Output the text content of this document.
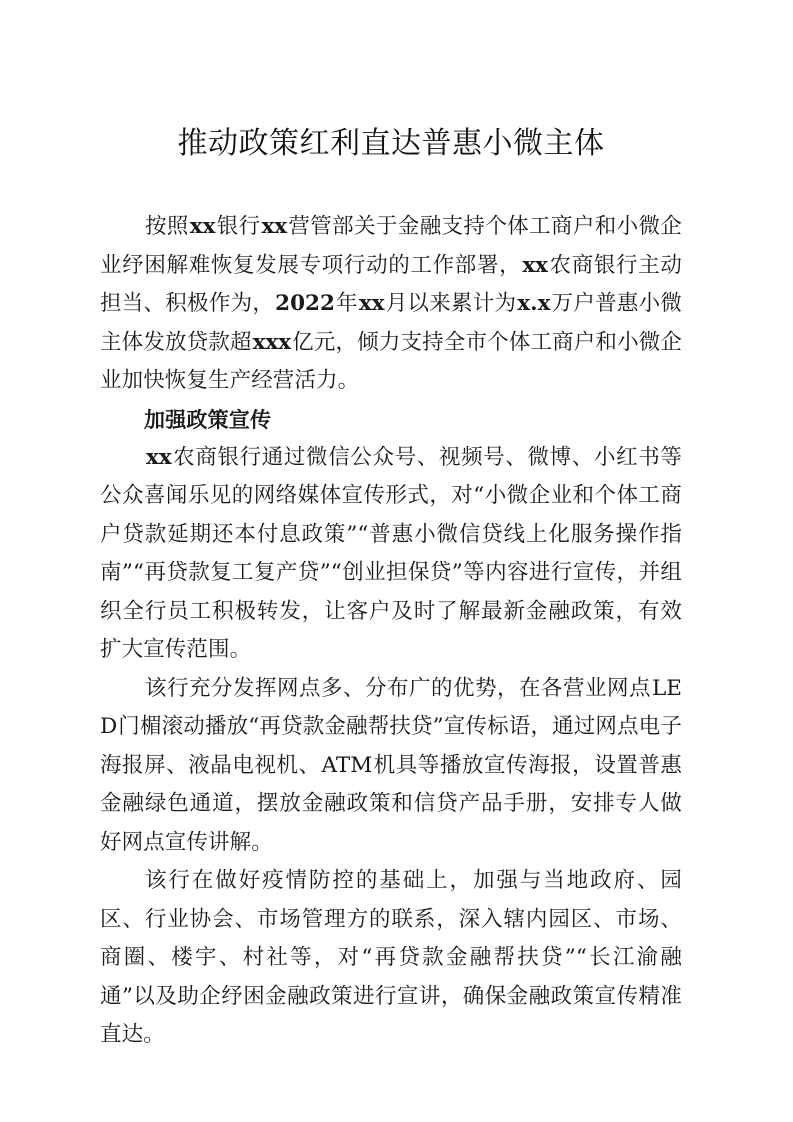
推动政策红利直达普惠小微主体

按照xx银行xx营管部关于金融支持个体工商户和小微企业纾困解难恢复发展专项行动的工作部署，xx农商银行主动担当、积极作为，2022年xx月以来累计为x.x万户普惠小微主体发放贷款超xxx亿元，倾力支持全市个体工商户和小微企业加快恢复生产经营活力。

加强政策宣传

xx农商银行通过微信公众号、视频号、微博、小红书等公众喜闻乐见的网络媒体宣传形式，对“小微企业和个体工商户贷款延期还本付息政策”“普惠小微信贷线上化服务操作指南”“再贷款复工复产贷”“创业担保贷”等内容进行宣传，并组织全行员工积极转发，让客户及时了解最新金融政策，有效扩大宣传范围。

该行充分发挥网点多、分布广的优势，在各营业网点LED门楣滚动播放“再贷款金融帮扶贷”宣传标语，通过网点电子海报屏、液晶电视机、ATM机具等播放宣传海报，设置普惠金融绿色通道，摆放金融政策和信贷产品手册，安排专人做好网点宣传讲解。

该行在做好疫情防控的基础上，加强与当地政府、园区、行业协会、市场管理方的联系，深入辖内园区、市场、商圈、楼宇、村社等，对“再贷款金融帮扶贷”“长江渝融通”以及助企纾困金融政策进行宣讲，确保金融政策宣传精准直达。
